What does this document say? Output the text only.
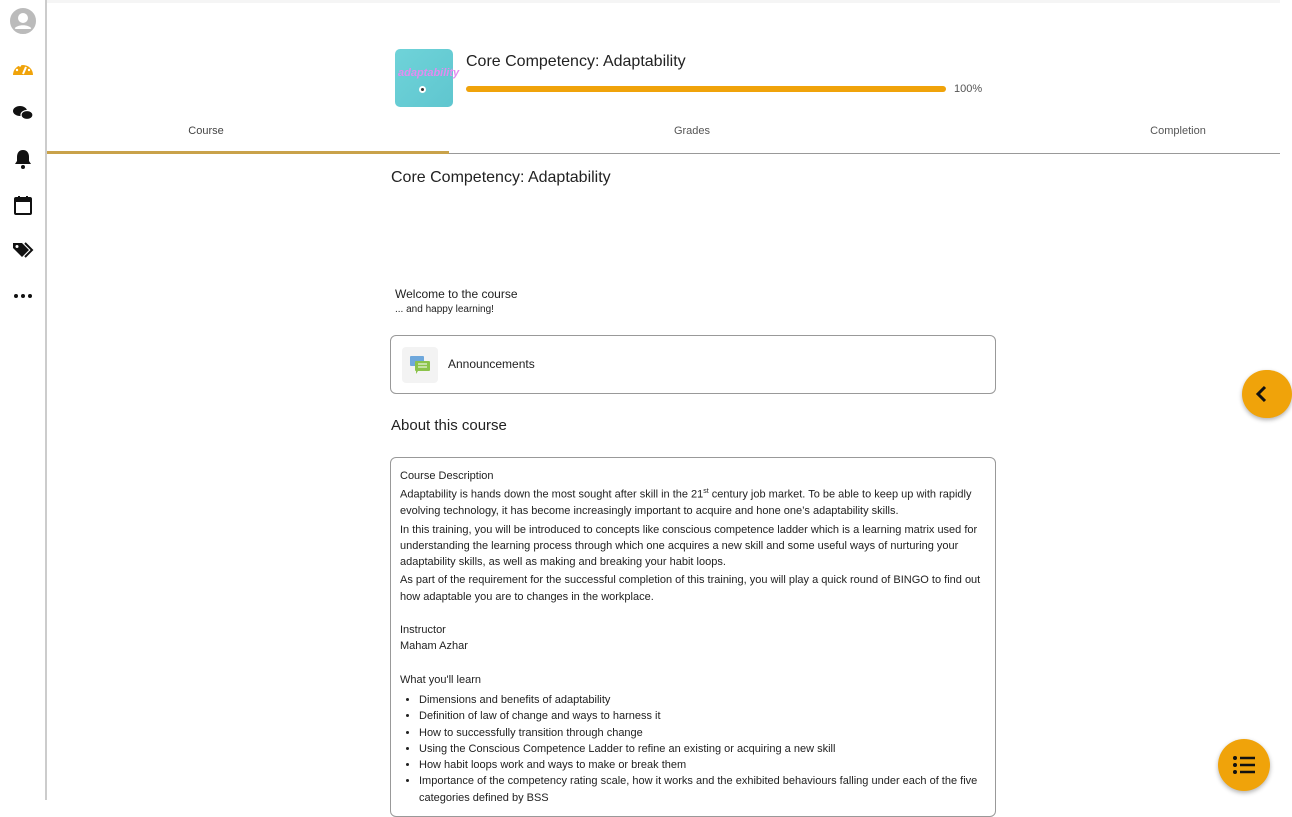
adaptability
Core Competency: Adaptability
100%
Course	Grades	Completion
Core Competency: Adaptability
Welcome to the course
... and happy learning!
Announcements
About this course

Course Description

Adaptability is hands down the most sought after skill in the 21st century job market. To be able to keep up with rapidly evolving technology, it has become increasingly important to acquire and hone one’s adaptability skills.

In this training, you will be introduced to concepts like conscious competence ladder which is a learning matrix used for understanding the learning process through which one acquires a new skill and some useful ways of nurturing your adaptability skills, as well as making and breaking your habit loops.

As part of the requirement for the successful completion of this training, you will play a quick round of BINGO to find out how adaptable you are to changes in the workplace.

Instructor

Maham Azhar

What you'll learn

• Dimensions and benefits of adaptability
• Definition of law of change and ways to harness it
• How to successfully transition through change
• Using the Conscious Competence Ladder to refine an existing or acquiring a new skill
• How habit loops work and ways to make or break them
• Importance of the competency rating scale, how it works and the exhibited behaviours falling under each of the five categories defined by BSS
